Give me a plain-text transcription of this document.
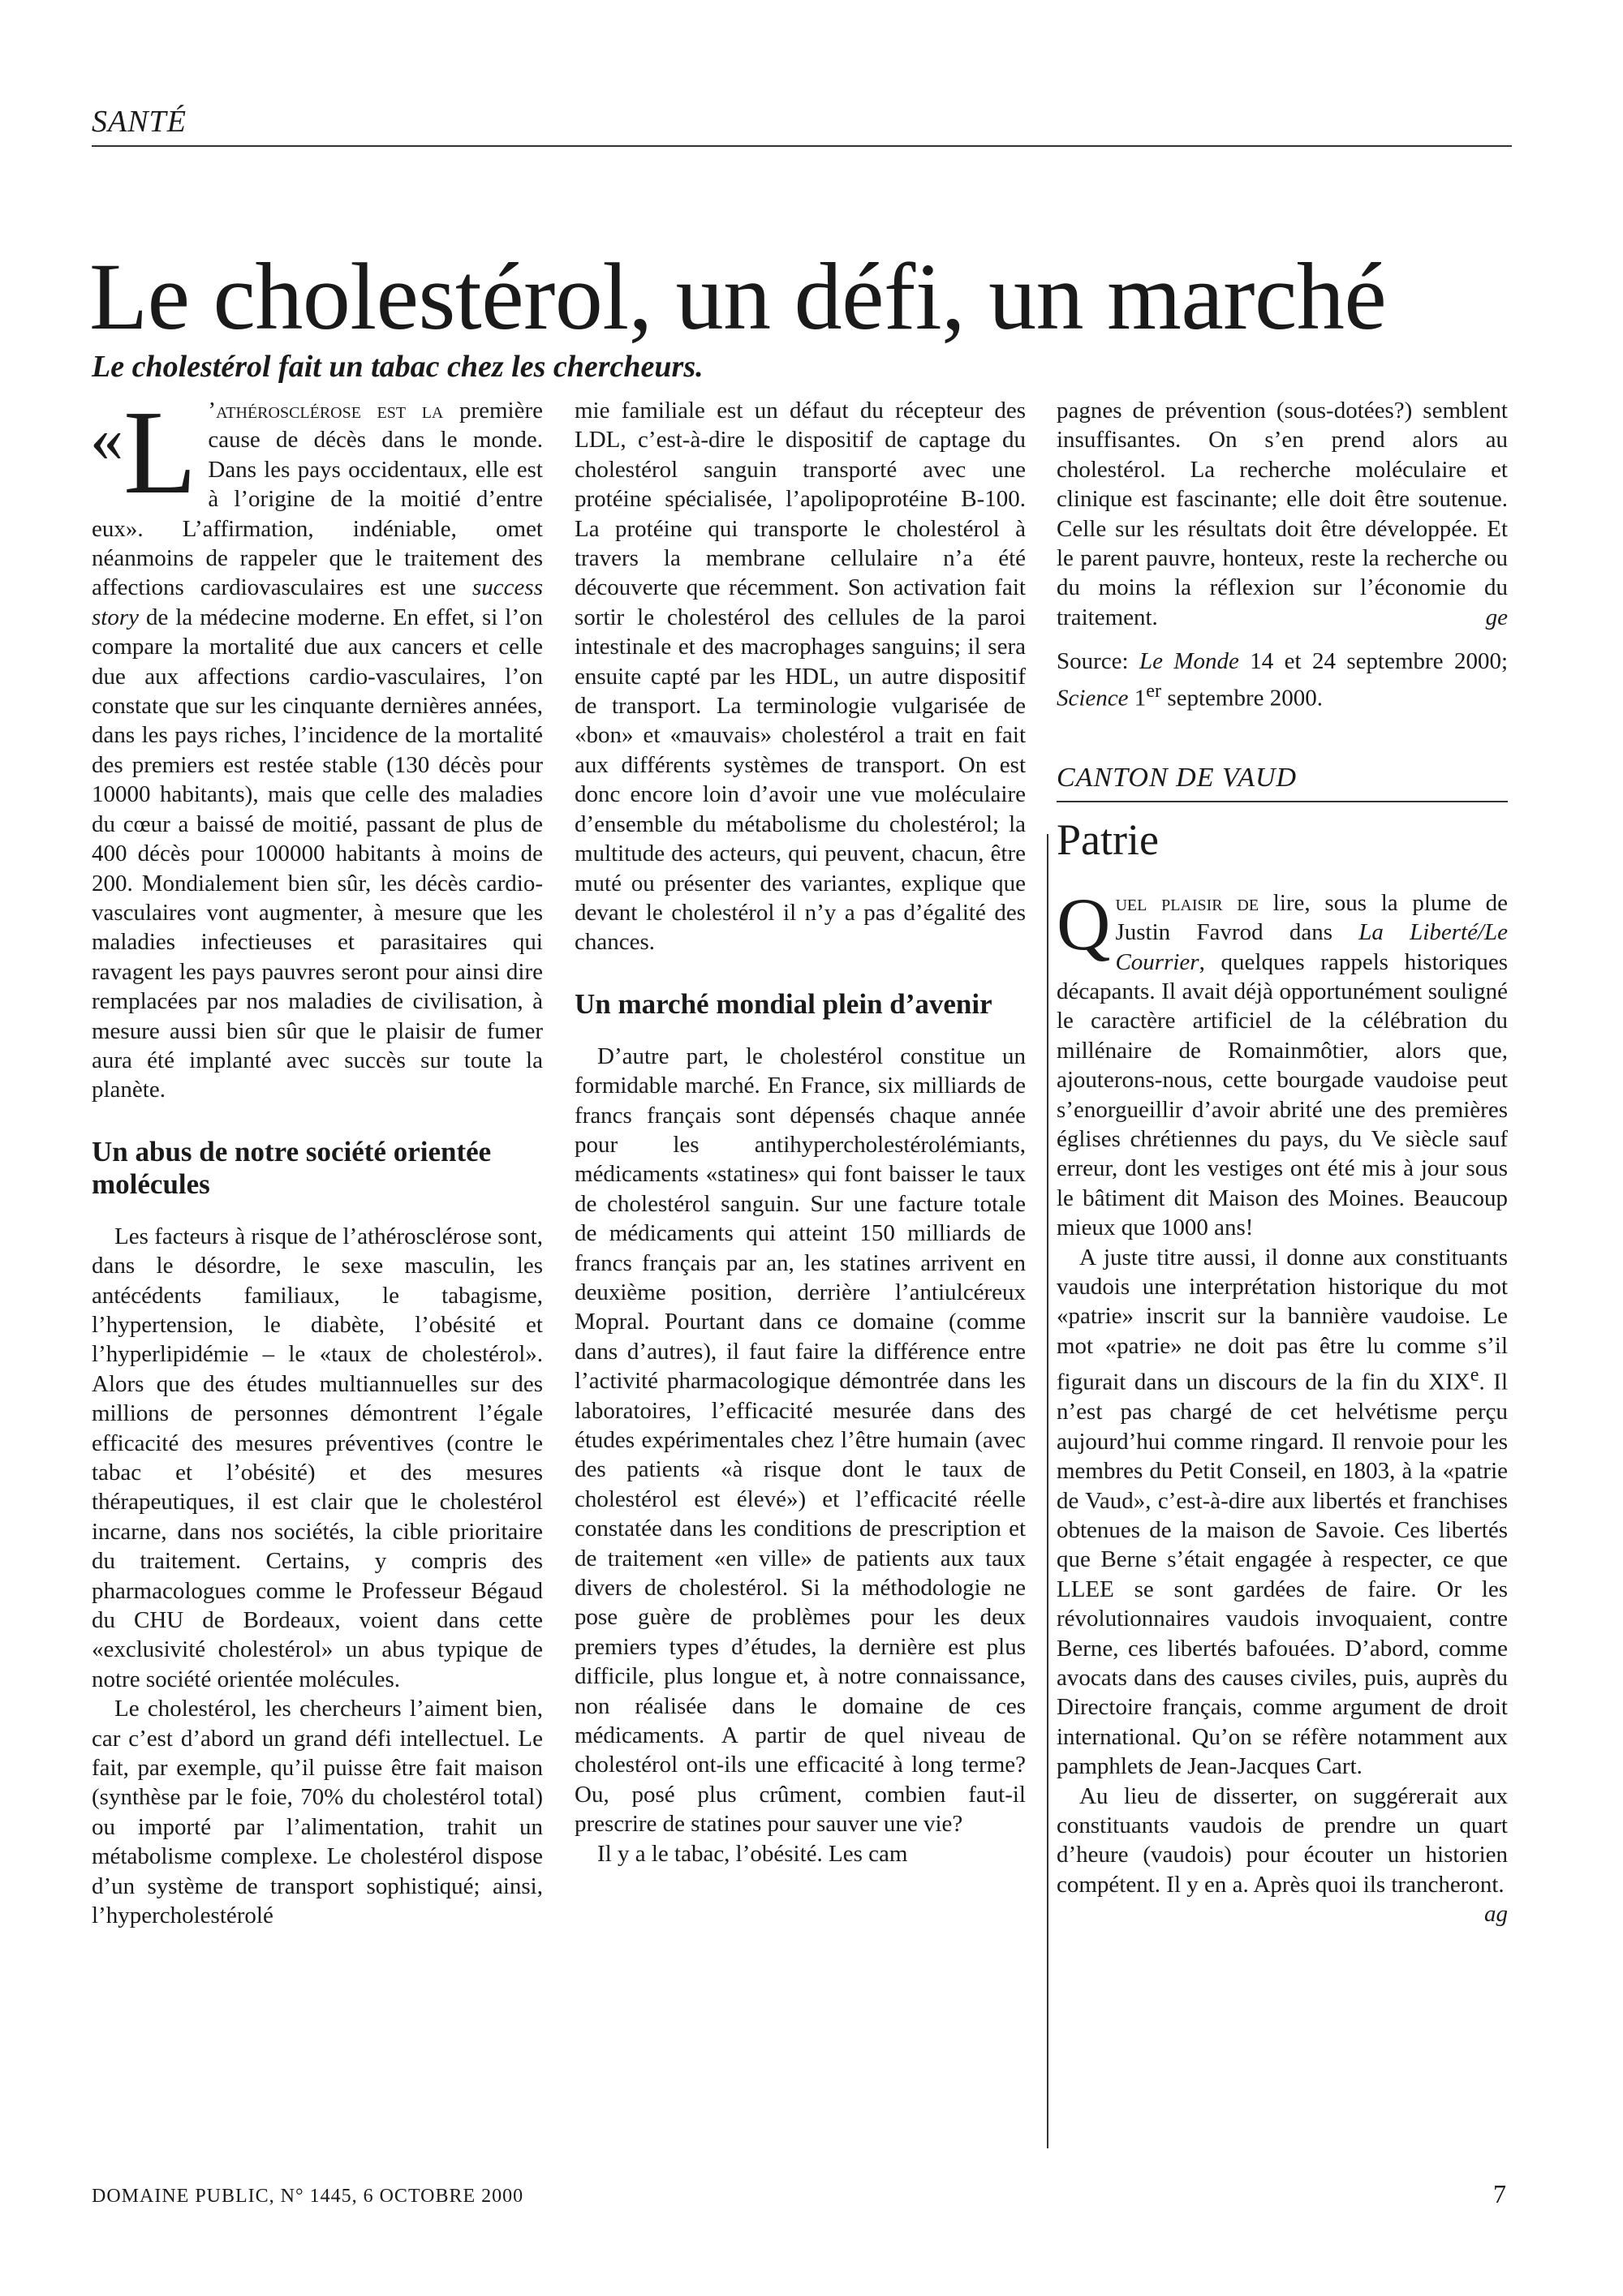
SANTÉ
Le cholestérol, un défi, un marché
Le cholestérol fait un tabac chez les chercheurs.

« L ’athérosclérose est la première cause de décès dans le monde. Dans les pays occidentaux, elle est à l’origine de la moitié d’entre eux». L’affirmation, indéniable, omet néanmoins de rappeler que le traitement des affections cardiovasculaires est une success story de la médecine moderne. En effet, si l’on compare la mortalité due aux cancers et celle due aux affections cardio-vasculaires, l’on constate que sur les cinquante dernières années, dans les pays riches, l’incidence de la mortalité des premiers est restée stable (130 décès pour 10000 habitants), mais que celle des maladies du cœur a baissé de moitié, passant de plus de 400 décès pour 100000 habitants à moins de 200. Mondialement bien sûr, les décès cardio-vasculaires vont augmenter, à mesure que les maladies infectieuses et parasitaires qui ravagent les pays pauvres seront pour ainsi dire remplacées par nos maladies de civilisation, à mesure aussi bien sûr que le plaisir de fumer aura été implanté avec succès sur toute la planète.

Un abus de notre société orientée molécules

Les facteurs à risque de l’athérosclérose sont, dans le désordre, le sexe masculin, les antécédents familiaux, le tabagisme, l’hypertension, le diabète, l’obésité et l’hyperlipidémie – le «taux de cholestérol». Alors que des études multiannuelles sur des millions de personnes démontrent l’égale efficacité des mesures préventives (contre le tabac et l’obésité) et des mesures thérapeutiques, il est clair que le cholestérol incarne, dans nos sociétés, la cible prioritaire du traitement. Certains, y compris des pharmacologues comme le Professeur Bégaud du CHU de Bordeaux, voient dans cette «exclusivité cholestérol» un abus typique de notre société orientée molécules.

Le cholestérol, les chercheurs l’aiment bien, car c’est d’abord un grand défi intellectuel. Le fait, par exemple, qu’il puisse être fait maison (synthèse par le foie, 70% du cholestérol total) ou importé par l’alimentation, trahit un métabolisme complexe. Le cholestérol dispose d’un système de transport sophistiqué; ainsi, l’hypercholestérolé

mie familiale est un défaut du récepteur des LDL, c’est-à-dire le dispositif de captage du cholestérol sanguin transporté avec une protéine spécialisée, l’apolipoprotéine B-100. La protéine qui transporte le cholestérol à travers la membrane cellulaire n’a été découverte que récemment. Son activation fait sortir le cholestérol des cellules de la paroi intestinale et des macrophages sanguins; il sera ensuite capté par les HDL, un autre dispositif de transport. La terminologie vulgarisée de «bon» et «mauvais» cholestérol a trait en fait aux différents systèmes de transport. On est donc encore loin d’avoir une vue moléculaire d’ensemble du métabolisme du cholestérol; la multitude des acteurs, qui peuvent, chacun, être muté ou présenter des variantes, explique que devant le cholestérol il n’y a pas d’égalité des chances.

Un marché mondial plein d’avenir

D’autre part, le cholestérol constitue un formidable marché. En France, six milliards de francs français sont dépensés chaque année pour les antihypercholestérolémiants, médicaments «statines» qui font baisser le taux de cholestérol sanguin. Sur une facture totale de médicaments qui atteint 150 milliards de francs français par an, les statines arrivent en deuxième position, derrière l’antiulcéreux Mopral. Pourtant dans ce domaine (comme dans d’autres), il faut faire la différence entre l’activité pharmacologique démontrée dans les laboratoires, l’efficacité mesurée dans des études expérimentales chez l’être humain (avec des patients «à risque dont le taux de cholestérol est élevé») et l’efficacité réelle constatée dans les conditions de prescription et de traitement «en ville» de patients aux taux divers de cholestérol. Si la méthodologie ne pose guère de problèmes pour les deux premiers types d’études, la dernière est plus difficile, plus longue et, à notre connaissance, non réalisée dans le domaine de ces médicaments. A partir de quel niveau de cholestérol ont-ils une efficacité à long terme? Ou, posé plus crûment, combien faut-il prescrire de statines pour sauver une vie?

Il y a le tabac, l’obésité. Les cam

pagnes de prévention (sous-dotées?) semblent insuffisantes. On s’en prend alors au cholestérol. La recherche moléculaire et clinique est fascinante; elle doit être soutenue. Celle sur les résultats doit être développée. Et le parent pauvre, honteux, reste la recherche ou du moins la réflexion sur l’économie du traitement.	ge

Source: Le Monde 14 et 24 septembre 2000; Science 1er septembre 2000.

CANTON DE VAUD
Patrie

Quel plaisir de lire, sous la plume de Justin Favrod dans La Liberté/Le Courrier, quelques rappels historiques décapants. Il avait déjà opportunément souligné le caractère artificiel de la célébration du millénaire de Romainmôtier, alors que, ajouterons-nous, cette bourgade vaudoise peut s’enorgueillir d’avoir abrité une des premières églises chrétiennes du pays, du Ve siècle sauf erreur, dont les vestiges ont été mis à jour sous le bâtiment dit Maison des Moines. Beaucoup mieux que 1000 ans!

A juste titre aussi, il donne aux constituants vaudois une interprétation historique du mot «patrie» inscrit sur la bannière vaudoise. Le mot «patrie» ne doit pas être lu comme s’il figurait dans un discours de la fin du XIXe. Il n’est pas chargé de cet helvétisme perçu aujourd’hui comme ringard. Il renvoie pour les membres du Petit Conseil, en 1803, à la «patrie de Vaud», c’est-à-dire aux libertés et franchises obtenues de la maison de Savoie. Ces libertés que Berne s’était engagée à respecter, ce que LLEE se sont gardées de faire. Or les révolutionnaires vaudois invoquaient, contre Berne, ces libertés bafouées. D’abord, comme avocats dans des causes civiles, puis, auprès du Directoire français, comme argument de droit international. Qu’on se réfère notamment aux pamphlets de Jean-Jacques Cart.

Au lieu de disserter, on suggérerait aux constituants vaudois de prendre un quart d’heure (vaudois) pour écouter un historien compétent. Il y en a. Après quoi ils trancheront.
ag

DOMAINE PUBLIC, N° 1445, 6 OCTOBRE 2000	7
